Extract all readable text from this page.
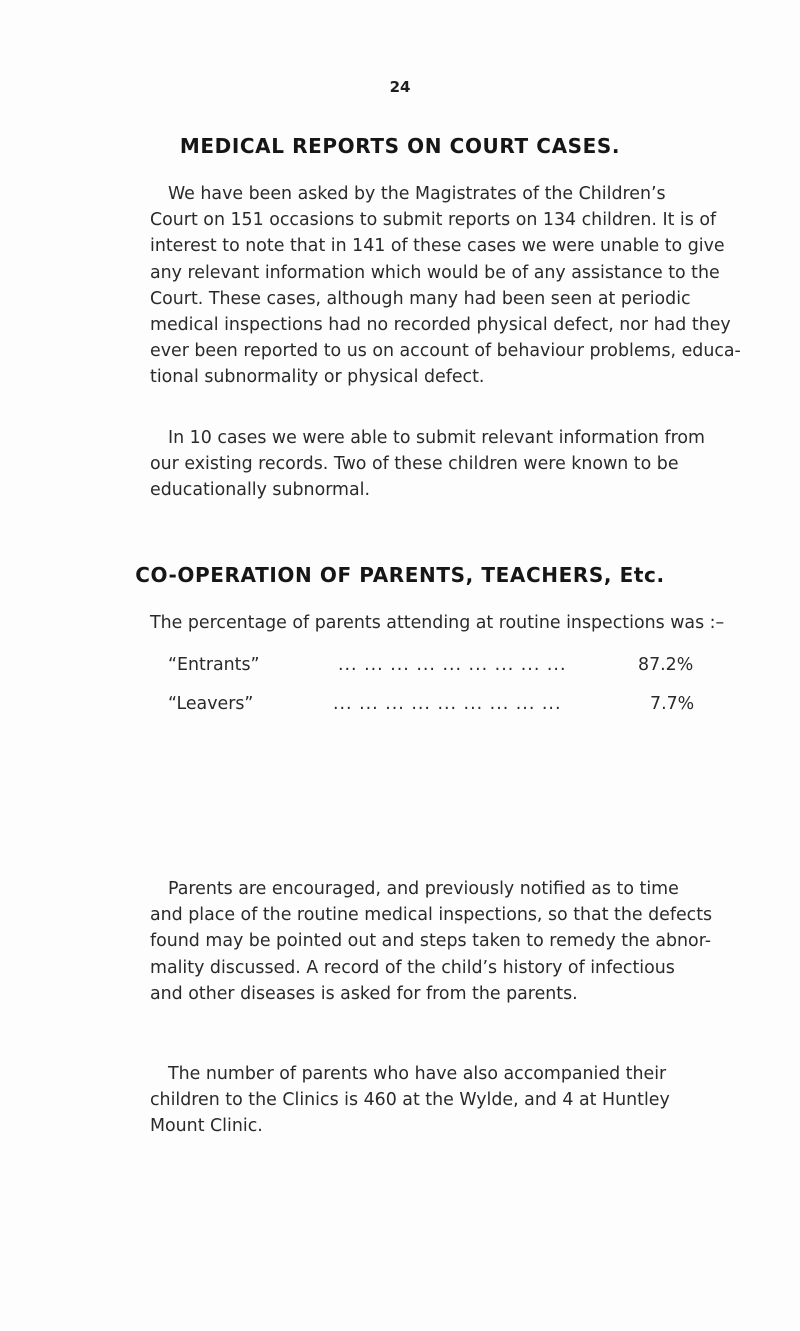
24
MEDICAL REPORTS ON COURT CASES.

We have been asked by the Magistrates of the Children’s
Court on 151 occasions to submit reports on 134 children. It is of
interest to note that in 141 of these cases we were unable to give
any relevant information which would be of any assistance to the
Court. These cases, although many had been seen at periodic
medical inspections had no recorded physical defect, nor had they
ever been reported to us on account of behaviour problems, educa-
tional subnormality or physical defect.

In 10 cases we were able to submit relevant information from
our existing records. Two of these children were known to be
educationally subnormal.

CO-OPERATION OF PARENTS, TEACHERS, Etc.

The percentage of parents attending at routine inspections was :–

“Entrants”	... ... ... ... ... ... ... ... ...	87.2%
“Leavers”	... ... ... ... ... ... ... ... ...	7.7%

Parents are encouraged, and previously notified as to time
and place of the routine medical inspections, so that the defects
found may be pointed out and steps taken to remedy the abnor-
mality discussed. A record of the child’s history of infectious
and other diseases is asked for from the parents.

The number of parents who have also accompanied their
children to the Clinics is 460 at the Wylde, and 4 at Huntley
Mount Clinic.
